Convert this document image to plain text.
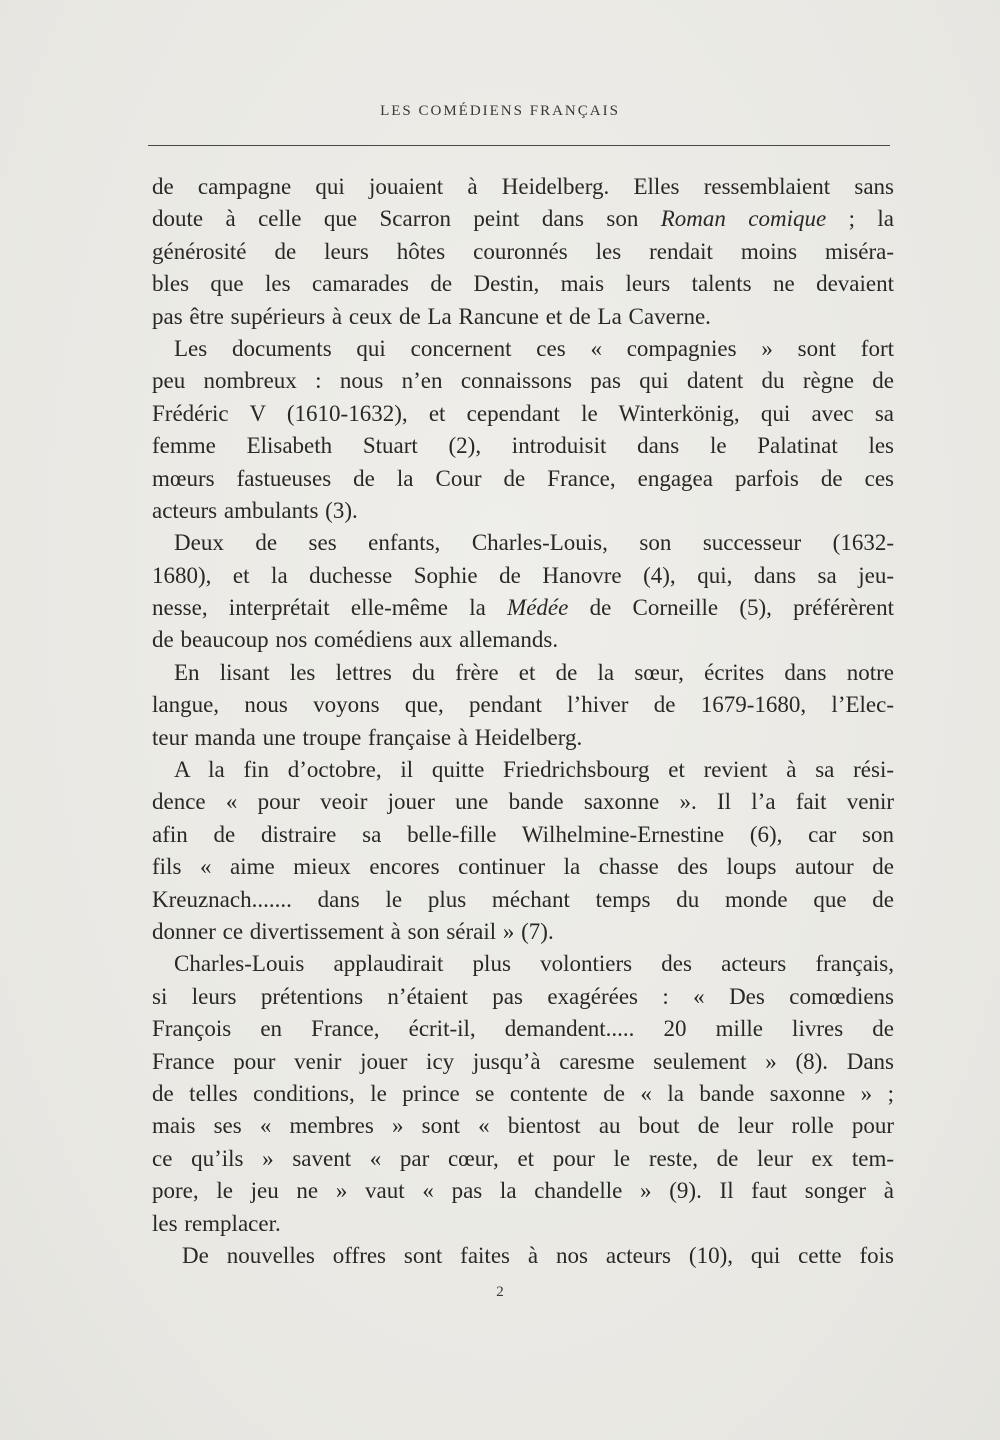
LES COMÉDIENS FRANÇAIS
de campagne qui jouaient à Heidelberg. Elles ressemblaient sans
doute à celle que Scarron peint dans son Roman comique ; la
générosité de leurs hôtes couronnés les rendait moins miséra-
bles que les camarades de Destin, mais leurs talents ne devaient
pas être supérieurs à ceux de La Rancune et de La Caverne.
Les documents qui concernent ces « compagnies » sont fort
peu nombreux : nous n’en connaissons pas qui datent du règne de
Frédéric V (1610-1632), et cependant le Winterkönig, qui avec sa
femme Elisabeth Stuart (2), introduisit dans le Palatinat les
mœurs fastueuses de la Cour de France, engagea parfois de ces
acteurs ambulants (3).
Deux de ses enfants, Charles-Louis, son successeur (1632-
1680), et la duchesse Sophie de Hanovre (4), qui, dans sa jeu-
nesse, interprétait elle-même la Médée de Corneille (5), préférèrent
de beaucoup nos comédiens aux allemands.
En lisant les lettres du frère et de la sœur, écrites dans notre
langue, nous voyons que, pendant l’hiver de 1679-1680, l’Elec-
teur manda une troupe française à Heidelberg.
A la fin d’octobre, il quitte Friedrichsbourg et revient à sa rési-
dence « pour veoir jouer une bande saxonne ». Il l’a fait venir
afin de distraire sa belle-fille Wilhelmine-Ernestine (6), car son
fils « aime mieux encores continuer la chasse des loups autour de
Kreuznach....... dans le plus méchant temps du monde que de
donner ce divertissement à son sérail » (7).
Charles-Louis applaudirait plus volontiers des acteurs français,
si leurs prétentions n’étaient pas exagérées : « Des comœdiens
François en France, écrit-il, demandent..... 20 mille livres de
France pour venir jouer icy jusqu’à caresme seulement » (8). Dans
de telles conditions, le prince se contente de « la bande saxonne » ;
mais ses « membres » sont « bientost au bout de leur rolle pour
ce qu’ils » savent « par cœur, et pour le reste, de leur ex tem-
pore, le jeu ne » vaut « pas la chandelle » (9). Il faut songer à
les remplacer.
De nouvelles offres sont faites à nos acteurs (10), qui cette fois
2
